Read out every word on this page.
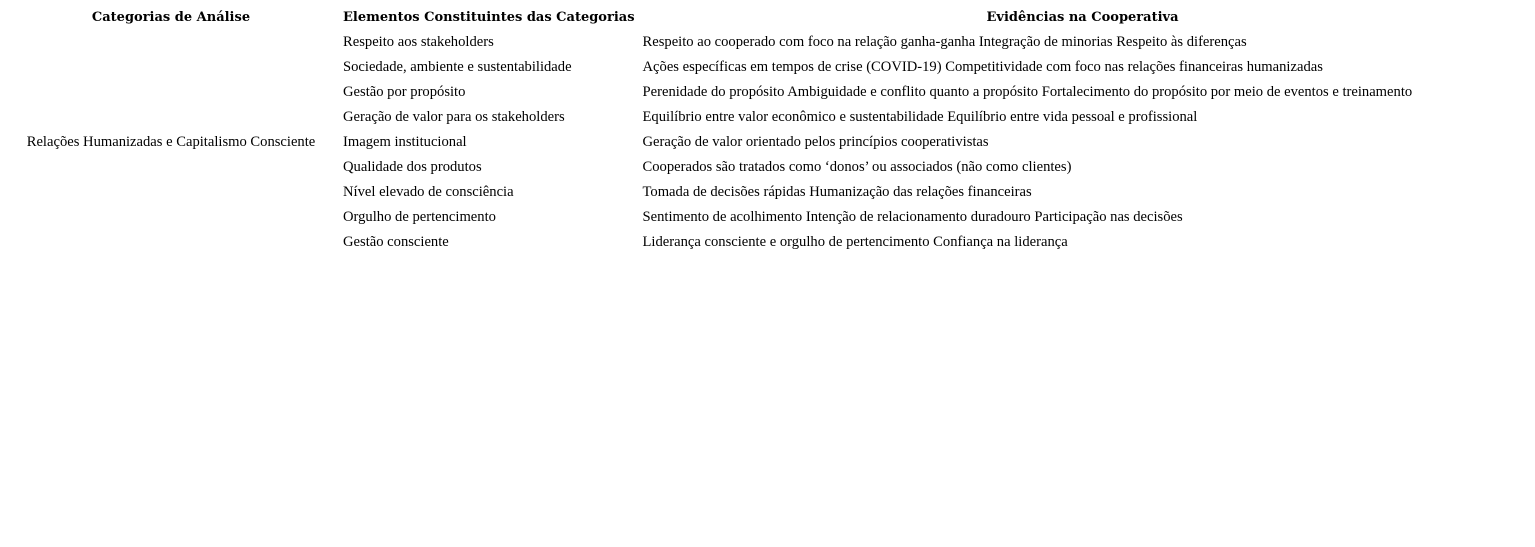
Categorias de Análise	Elementos Constituintes das Categorias	Evidências na Cooperativa
Relações Humanizadas e Capitalismo Consciente	Respeito aos stakeholders	Respeito ao cooperado com foco na relação ganha-ganha Integração de minorias Respeito às diferenças
	Sociedade, ambiente e sustentabilidade	Ações específicas em tempos de crise (COVID-19) Competitividade com foco nas relações financeiras humanizadas
	Gestão por propósito	Perenidade do propósito Ambiguidade e conflito quanto a propósito Fortalecimento do propósito por meio de eventos e treinamento
	Geração de valor para os stakeholders	Equilíbrio entre valor econômico e sustentabilidade Equilíbrio entre vida pessoal e profissional
	Imagem institucional	Geração de valor orientado pelos princípios cooperativistas
	Qualidade dos produtos	Cooperados são tratados como ‘donos’ ou associados (não como clientes)
	Nível elevado de consciência	Tomada de decisões rápidas Humanização das relações financeiras
	Orgulho de pertencimento	Sentimento de acolhimento Intenção de relacionamento duradouro Participação nas decisões
	Gestão consciente	Liderança consciente e orgulho de pertencimento Confiança na liderança
